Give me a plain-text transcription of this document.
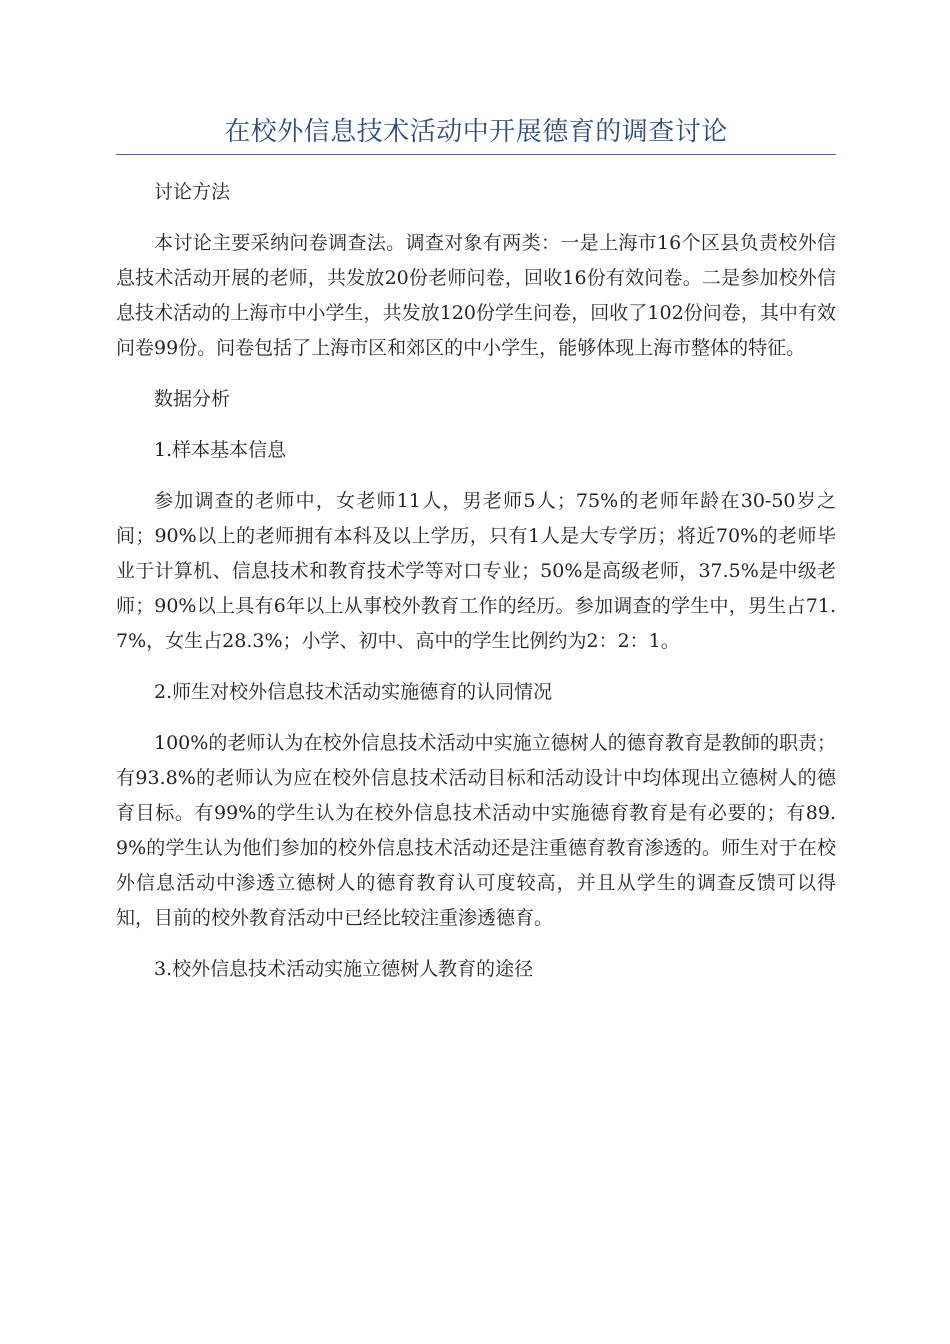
在校外信息技术活动中开展德育的调查讨论

讨论方法

本讨论主要采纳问卷调查法。调查对象有两类：一是上海市16个区县负责校外信息技术活动开展的老师，共发放20份老师问卷，回收16份有效问卷。二是参加校外信息技术活动的上海市中小学生，共发放120份学生问卷，回收了102份问卷，其中有效问卷99份。问卷包括了上海市区和郊区的中小学生，能够体现上海市整体的特征。

数据分析

1.样本基本信息

参加调查的老师中，女老师11人，男老师5人；75%的老师年龄在30-50岁之间；90%以上的老师拥有本科及以上学历，只有1人是大专学历；将近70%的老师毕业于计算机、信息技术和教育技术学等对口专业；50%是高级老师，37.5%是中级老师；90%以上具有6年以上从事校外教育工作的经历。参加调查的学生中，男生占71.7%，女生占28.3%；小学、初中、高中的学生比例约为2：2：1。

2.师生对校外信息技术活动实施德育的认同情况

100%的老师认为在校外信息技术活动中实施立德树人的德育教育是教師的职责；有93.8%的老师认为应在校外信息技术活动目标和活动设计中均体现出立德树人的德育目标。有99%的学生认为在校外信息技术活动中实施德育教育是有必要的；有89.9%的学生认为他们参加的校外信息技术活动还是注重德育教育渗透的。师生对于在校外信息活动中渗透立德树人的德育教育认可度较高，并且从学生的调查反馈可以得知，目前的校外教育活动中已经比较注重渗透德育。

3.校外信息技术活动实施立德树人教育的途径
